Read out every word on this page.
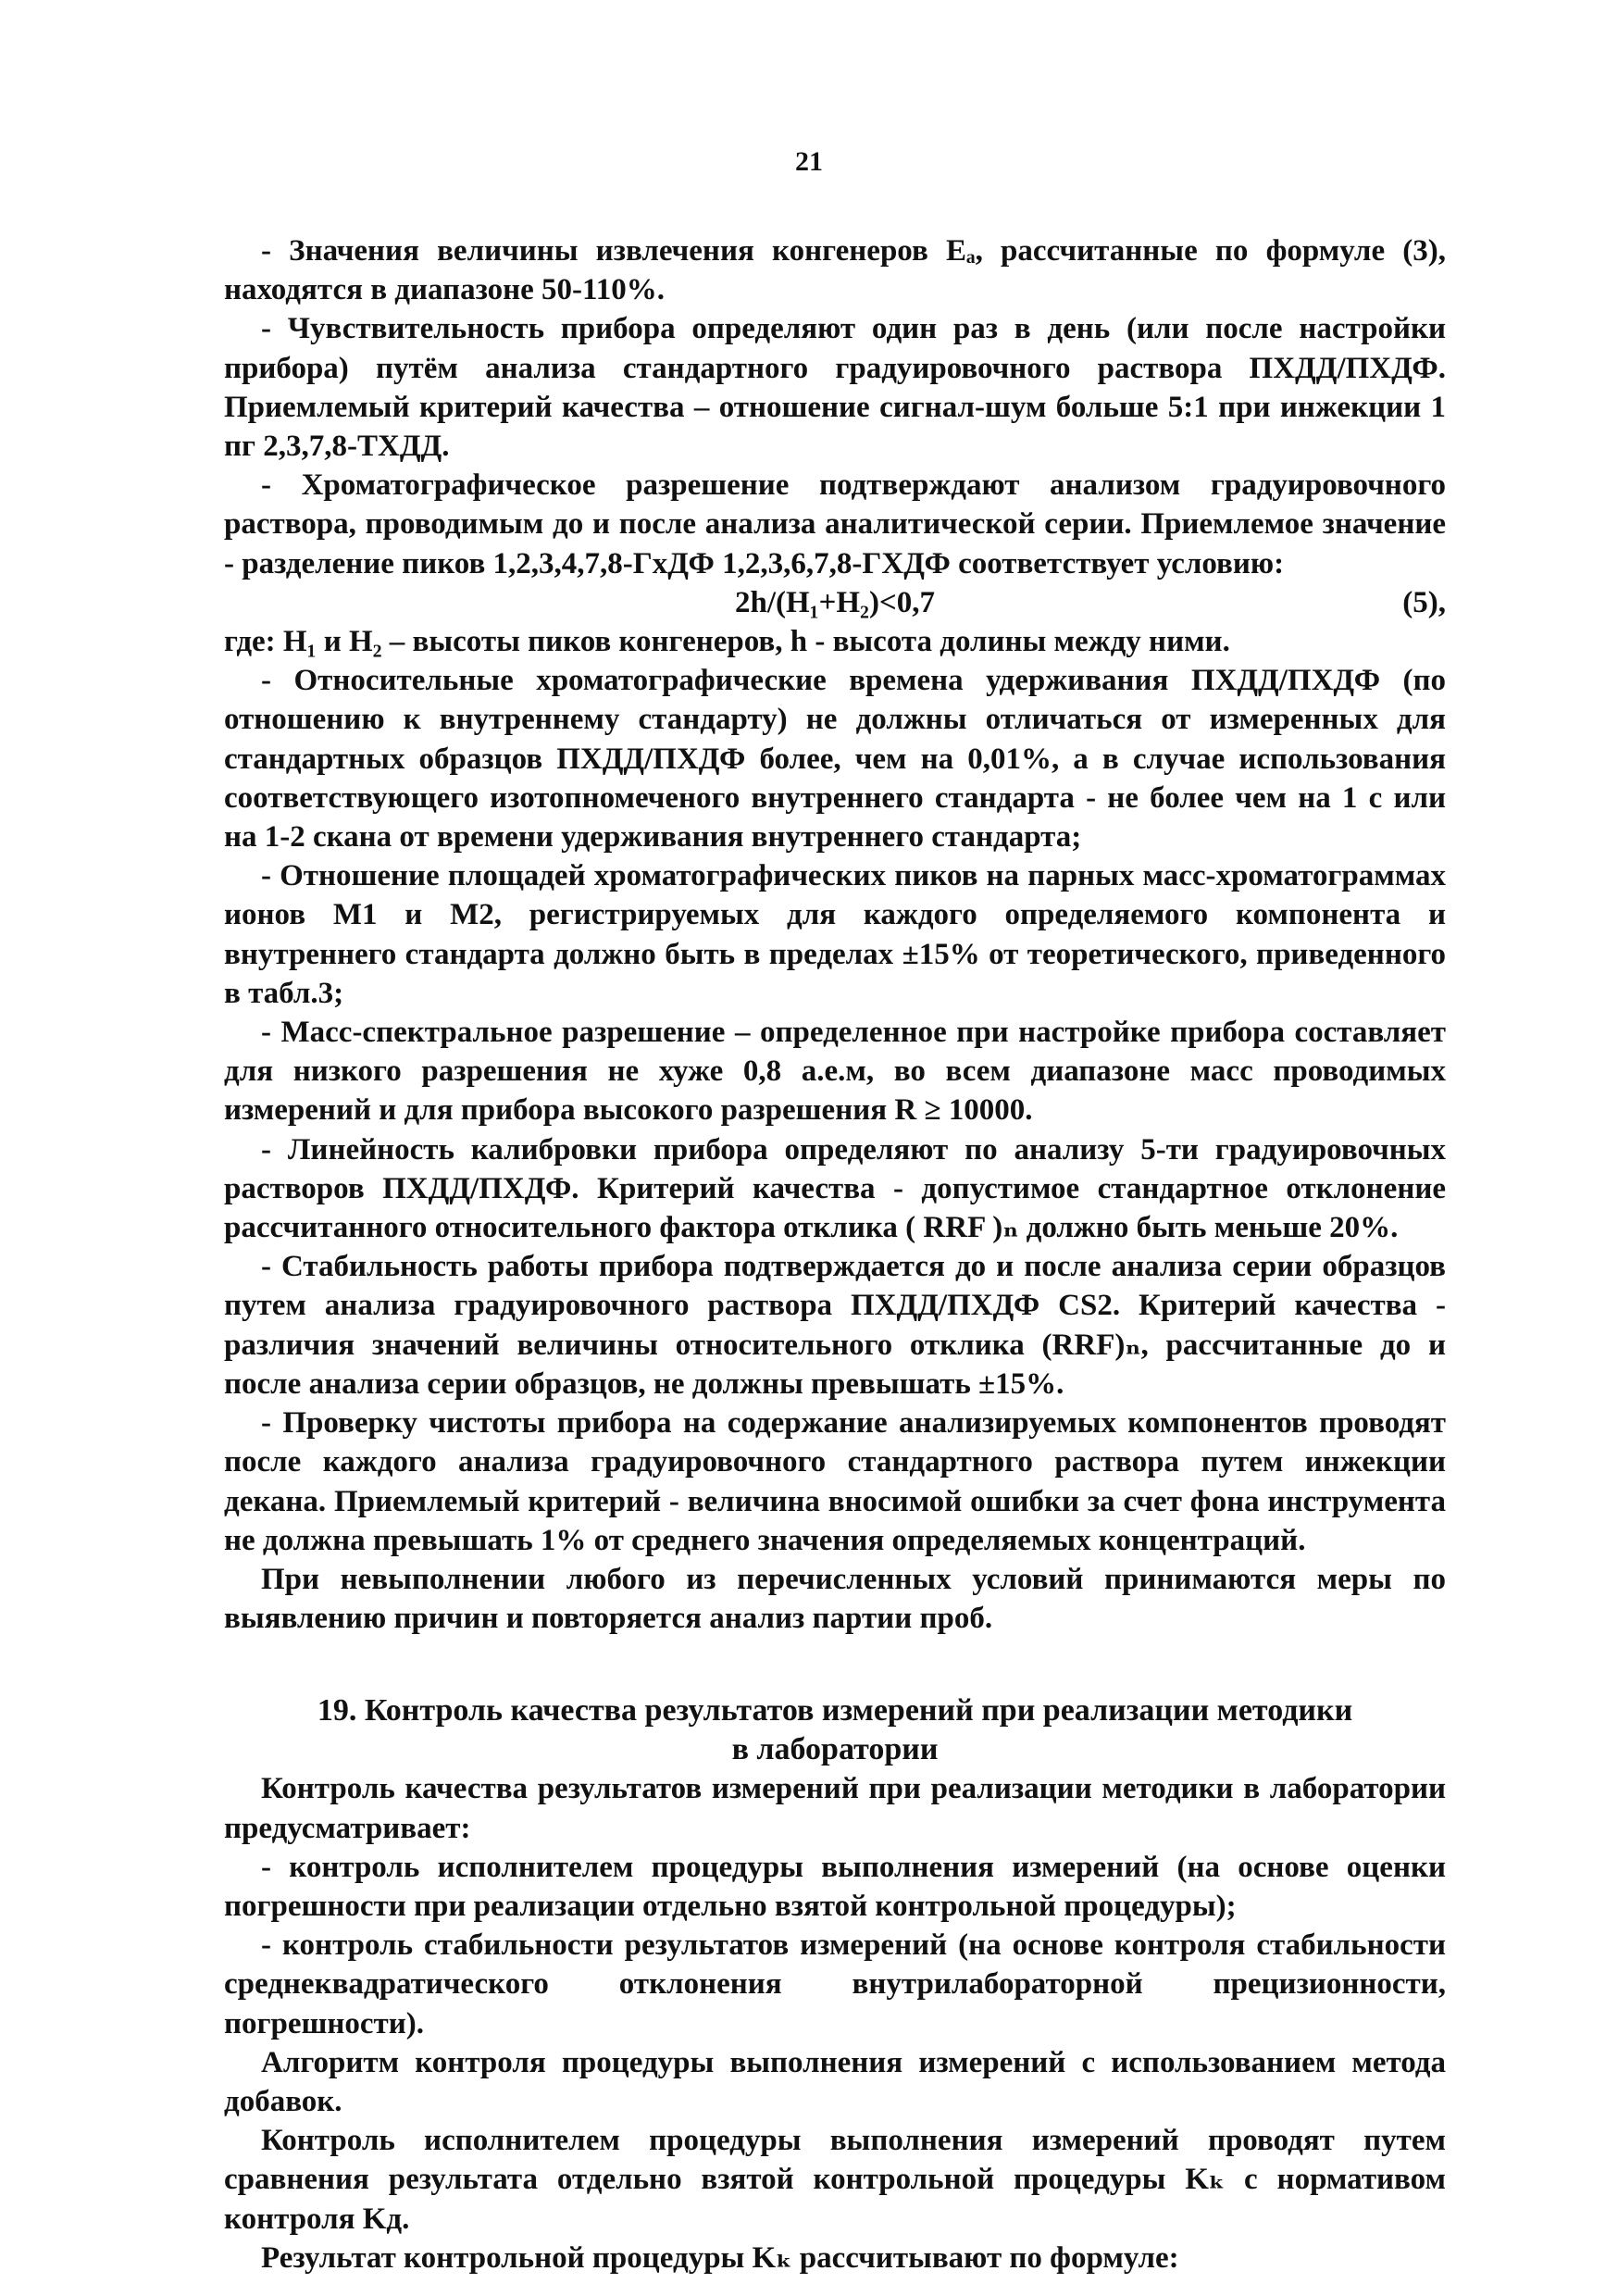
21

- Значения величины извлечения конгенеров Eₐ, рассчитанные по формуле (3), находятся в диапазоне 50-110%.

- Чувствительность прибора определяют один раз в день (или после настройки прибора) путём анализа стандартного градуировочного раствора ПХДД/ПХДФ. Приемлемый критерий качества – отношение сигнал-шум больше 5:1 при инжекции 1 пг 2,3,7,8-ТХДД.

- Хроматографическое разрешение подтверждают анализом градуировочного раствора, проводимым до и после анализа аналитической серии. Приемлемое значение - разделение пиков 1,2,3,4,7,8-ГхДФ 1,2,3,6,7,8-ГХДФ соответствует условию:

2h/(H₁+H₂)<0,7	(5),

где: H₁ и H₂ – высоты пиков конгенеров, h - высота долины между ними.

- Относительные хроматографические времена удерживания ПХДД/ПХДФ (по отношению к внутреннему стандарту) не должны отличаться от измеренных для стандартных образцов ПХДД/ПХДФ более, чем на 0,01%, а в случае использования соответствующего изотопномеченого внутреннего стандарта - не более чем на 1 с или на 1-2 скана от времени удерживания внутреннего стандарта;

- Отношение площадей хроматографических пиков на парных масс-хроматограммах ионов M1 и M2, регистрируемых для каждого определяемого компонента и внутреннего стандарта должно быть в пределах ±15% от теоретического, приведенного в табл.3;

- Масс-спектральное разрешение – определенное при настройке прибора составляет для низкого разрешения не хуже 0,8 а.е.м, во всем диапазоне масс проводимых измерений и для прибора высокого разрешения R ≥ 10000.

- Линейность калибровки прибора определяют по анализу 5-ти градуировочных растворов ПХДД/ПХДФ. Критерий качества - допустимое стандартное отклонение рассчитанного относительного фактора отклика ( RRF )ₙ должно быть меньше 20%.

- Стабильность работы прибора подтверждается до и после анализа серии образцов путем анализа градуировочного раствора ПХДД/ПХДФ CS2. Критерий качества - различия значений величины относительного отклика (RRF)ₙ, рассчитанные до и после анализа серии образцов, не должны превышать ±15%.

- Проверку чистоты прибора на содержание анализируемых компонентов проводят после каждого анализа градуировочного стандартного раствора путем инжекции декана. Приемлемый критерий - величина вносимой ошибки за счет фона инструмента не должна превышать 1% от среднего значения определяемых концентраций.

При невыполнении любого из перечисленных условий принимаются меры по выявлению причин и повторяется анализ партии проб.

19. Контроль качества результатов измерений при реализации методики
в лаборатории

Контроль качества результатов измерений при реализации методики в лаборатории предусматривает:

- контроль исполнителем процедуры выполнения измерений (на основе оценки погрешности при реализации отдельно взятой контрольной процедуры);

- контроль стабильности результатов измерений (на основе контроля стабильности среднеквадратического отклонения внутрилабораторной прецизионности, погрешности).

Алгоритм контроля процедуры выполнения измерений с использованием метода добавок.

Контроль исполнителем процедуры выполнения измерений проводят путем сравнения результата отдельно взятой контрольной процедуры Kₖ с нормативом контроля Kд.

Результат контрольной процедуры Kₖ рассчитывают по формуле:
